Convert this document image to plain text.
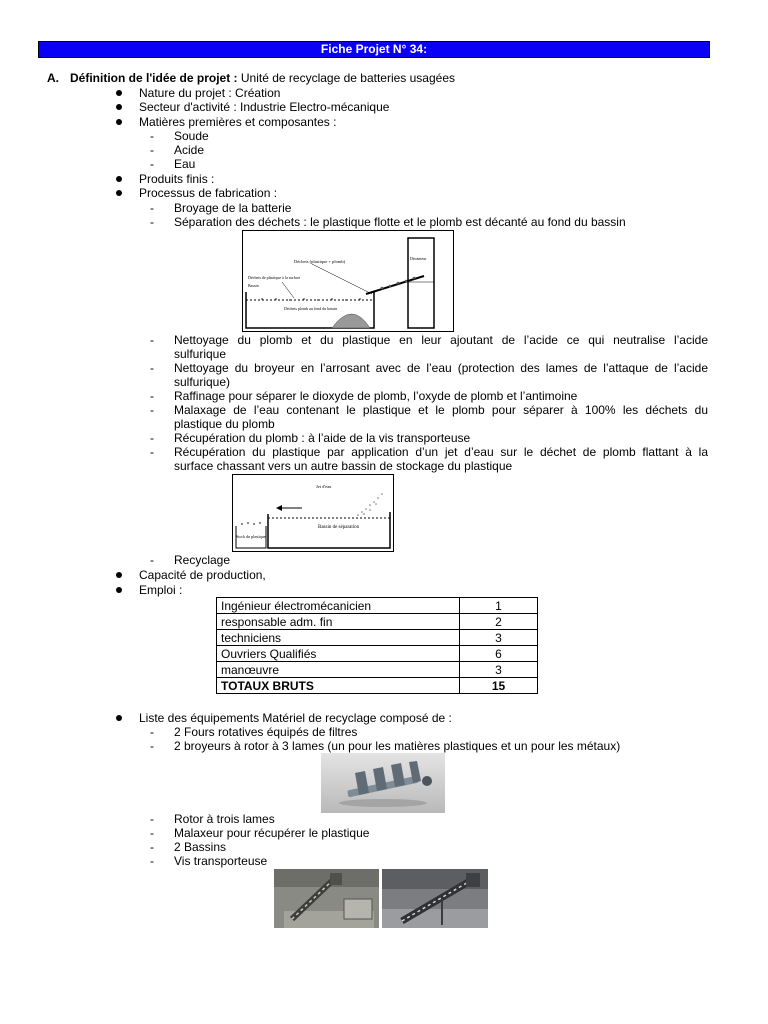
Fiche Projet N° 34:
A. Définition de l'idée de projet : Unité de recyclage de batteries usagées
Nature du projet : Création
Secteur d'activité : Industrie Electro-mécanique
Matières premières et composantes :
- Soude
- Acide
- Eau
Produits finis :
Processus de fabrication :
- Broyage de la batterie
- Séparation des déchets : le plastique flotte et le plomb est décanté au fond du bassin
Déchets (plastique + plomb)
Déchets de plastique à la surface
Bassin
Déchets plomb au fond du bassin
Décanteur
- Nettoyage du plomb et du plastique en leur ajoutant de l’acide ce qui neutralise l’acide
sulfurique
- Nettoyage du broyeur en l’arrosant avec de l’eau (protection des lames de l’attaque de l’acide
sulfurique)
- Raffinage pour séparer le dioxyde de plomb, l’oxyde de plomb et l’antimoine
- Malaxage de l’eau contenant le plastique et le plomb pour séparer à 100% les déchets du
plastique du plomb
- Récupération du plomb : à l’aide de la vis transporteuse
- Récupération du plastique par application d’un jet d’eau sur le déchet de plomb flattant à la
surface chassant vers un autre bassin de stockage du plastique
Jet d'eau
Bassin de séparation
Stock du plastique
- Recyclage
Capacité de production,
Emploi :
Ingénieur électromécanicien	1
responsable adm. fin	2
techniciens	3
Ouvriers Qualifiés	6
manœuvre	3
TOTAUX BRUTS	15
Liste des équipements Matériel de recyclage composé de :
- 2 Fours rotatives équipés de filtres
- 2 broyeurs à rotor à 3 lames (un pour les matières plastiques et un pour les métaux)
- Rotor à trois lames
- Malaxeur pour récupérer le plastique
- 2 Bassins
- Vis transporteuse
